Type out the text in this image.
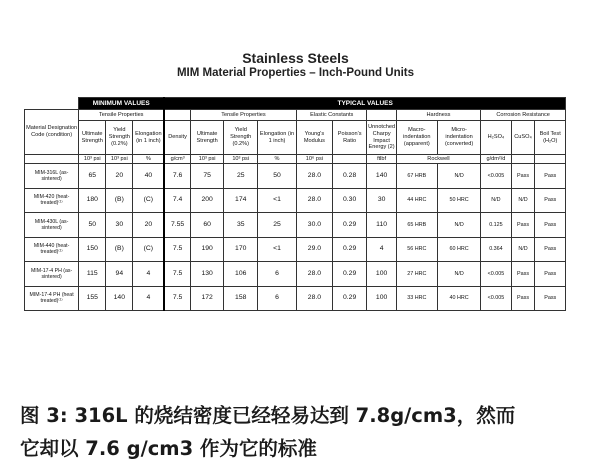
Stainless Steels
MIM Material Properties – Inch-Pound Units
	MINIMUM VALUES			TYPICAL VALUES											
Material Designation Code (condition)	Tensile Properties				Tensile Properties			Elastic Constants			Hardness		Corrosion Resistance		
	Ultimate Strength	Yield Strength (0.2%)	Elongation (in 1 inch)	Density	Ultimate Strength	Yield Strength (0.2%)	Elongation (in 1 inch)	Young's Modulus	Poisson's Ratio	Unnotched Charpy Impact Energy (2)	Macro-indentation (apparent)	Micro-indentation (converted)	H₂SO₄	CuSO₄	Boil Test (H₂O)
	10³ psi	10³ psi	%	g/cm³	10³ psi	10³ psi	%	10⁶ psi		ftlbf	Rockwell		g/dm²/d		
MIM-316L (as-sintered)	65	20	40	7.6	75	25	50	28.0	0.28	140	67 HRB	N/D	<0.005	Pass	Pass
MIM-420 (heat-treated)⁽¹⁾	180	(B)	(C)	7.4	200	174	<1	28.0	0.30	30	44 HRC	50 HRC	N/D	N/D	Pass
MIM-430L (as-sintered)	50	30	20	7.55	60	35	25	30.0	0.29	110	65 HRB	N/D	0.125	Pass	Pass
MIM-440 (heat-treated)⁽¹⁾	150	(B)	(C)	7.5	190	170	<1	29.0	0.29	4	56 HRC	60 HRC	0.364	N/D	Pass
MIM-17-4 PH (as-sintered)	115	94	4	7.5	130	106	6	28.0	0.29	100	27 HRC	N/D	<0.005	Pass	Pass
MIM-17-4 PH (heat treated)⁽¹⁾	155	140	4	7.5	172	158	6	28.0	0.29	100	33 HRC	40 HRC	<0.005	Pass	Pass
图 3: 316L 的烧结密度已经轻易达到 7.8g/cm3，然而
它却以 7.6 g/cm3 作为它的标准
